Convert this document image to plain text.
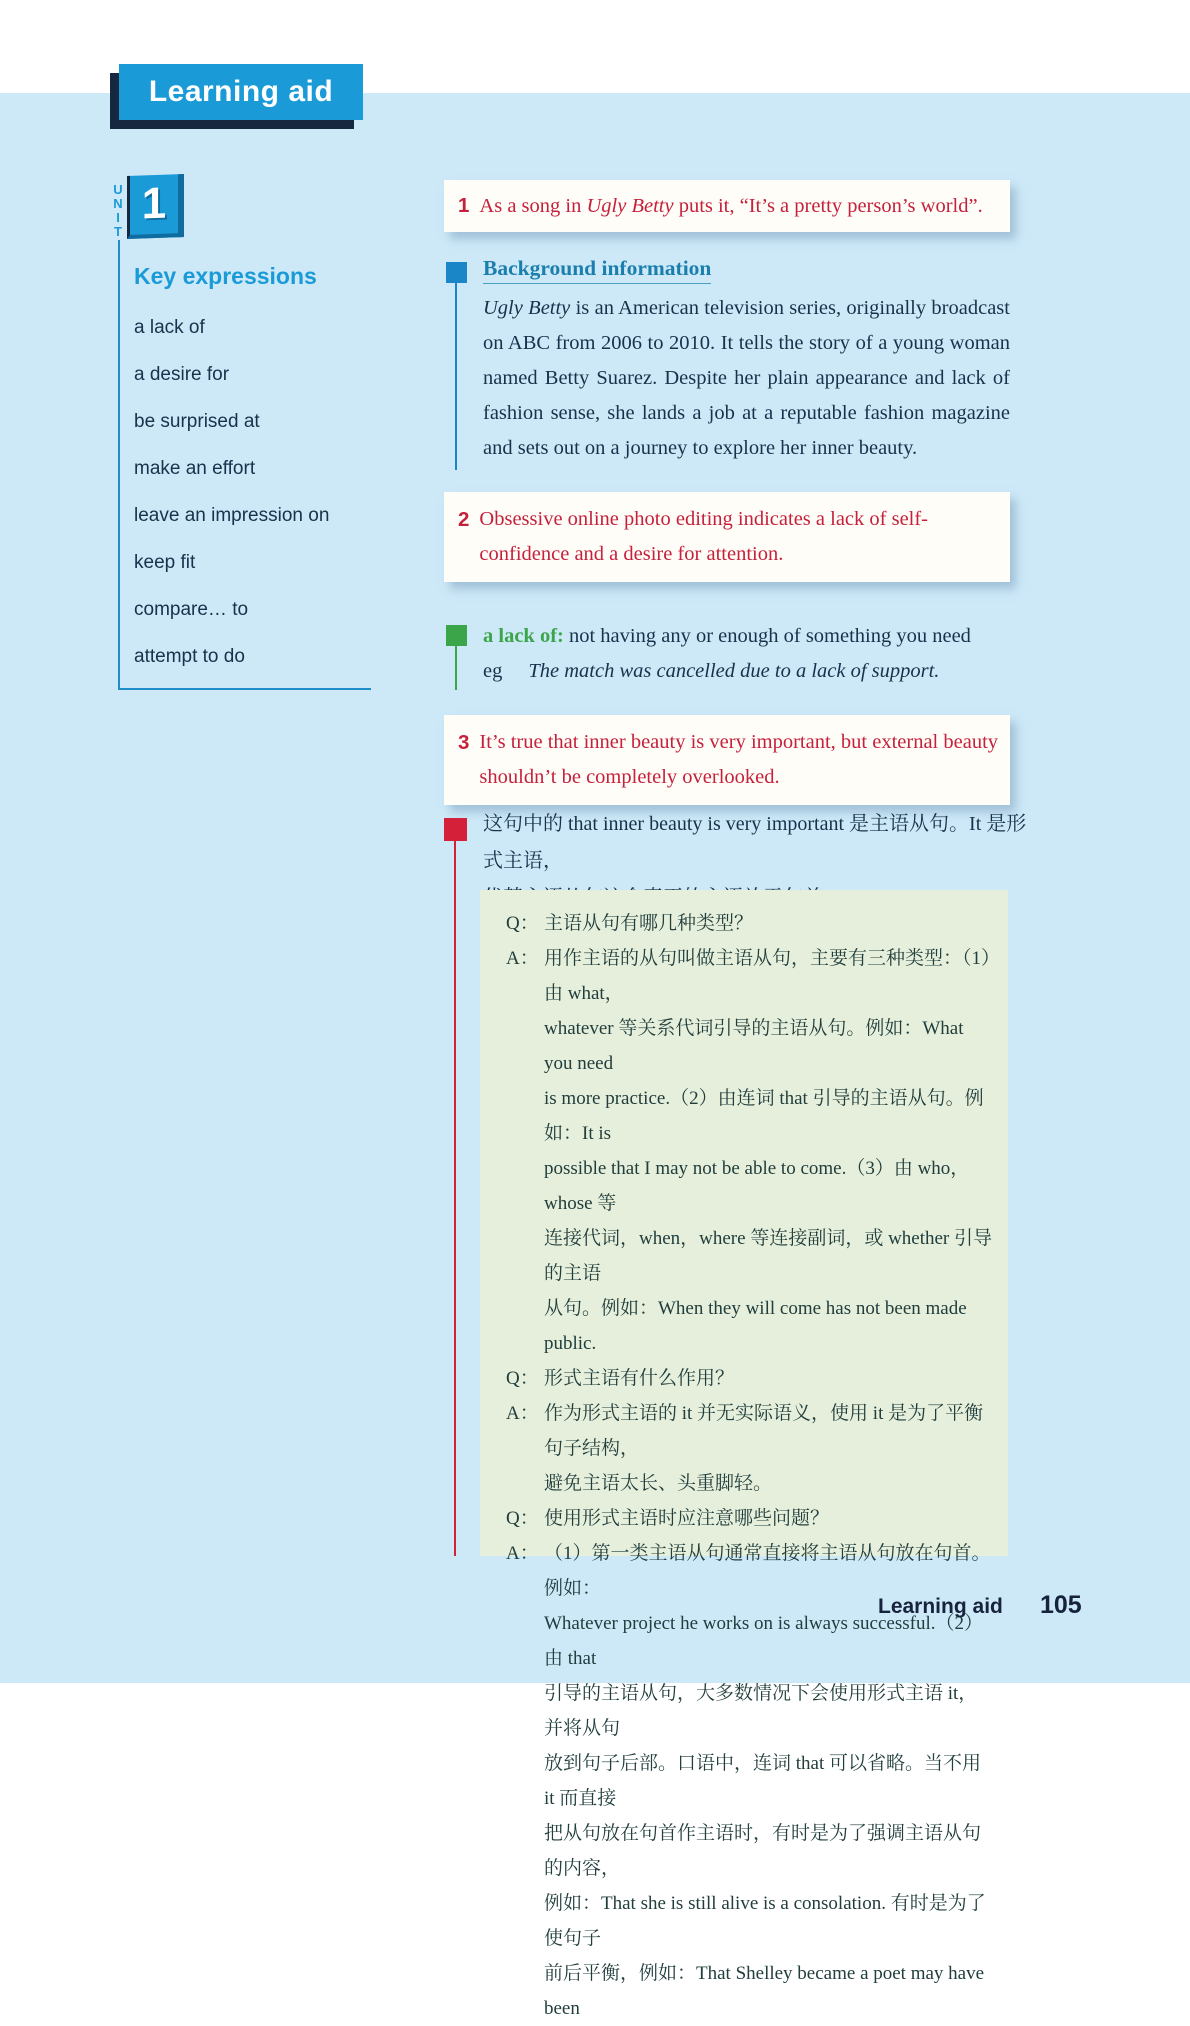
Learning aid
U
N
I
T
1
Key expressions
a lack of
a desire for
be surprised at
make an effort
leave an impression on
keep fit
compare… to
attempt to do
1 As a song in Ugly Betty puts it, “It’s a pretty person’s world”.
Background information
Ugly Betty is an American television series, originally broadcast on ABC from 2006 to 2010. It tells the story of a young woman named Betty Suarez. Despite her plain appearance and lack of fashion sense, she lands a job at a reputable fashion magazine and sets out on a journey to explore her inner beauty.
2 Obsessive online photo editing indicates a lack of self-confidence and a desire for attention.
a lack of: not having any or enough of something you need
eg The match was cancelled due to a lack of support.
3 It’s true that inner beauty is very important, but external beauty shouldn’t be completely overlooked.
这句中的 that inner beauty is very important 是主语从句。It 是形式主语，
Q： 主语从句有哪几种类型？
A： 用作主语的从句叫做主语从句，主要有三种类型：（1）由 what，
whatever 等关系代词引导的主语从句。例如：What you need
is more practice.（2）由连词 that 引导的主语从句。例如：It is
possible that I may not be able to come.（3）由 who，whose 等
连接代词，when，where 等连接副词，或 whether 引导的主语
从句。例如：When they will come has not been made public.
Q： 形式主语有什么作用？
A： 作为形式主语的 it 并无实际语义，使用 it 是为了平衡句子结构，
避免主语太长、头重脚轻。
Q： 使用形式主语时应注意哪些问题？
A： （1）第一类主语从句通常直接将主语从句放在句首。例如：
Whatever project he works on is always successful.（2）由 that
引导的主语从句，大多数情况下会使用形式主语 it，并将从句
放到句子后部。口语中，连词 that 可以省略。当不用 it 而直接
把从句放在句首作主语时，有时是为了强调主语从句的内容，
例如：That she is still alive is a consolation. 有时是为了使句子
前后平衡，例如：That Shelley became a poet may have been
Learning aid 105
